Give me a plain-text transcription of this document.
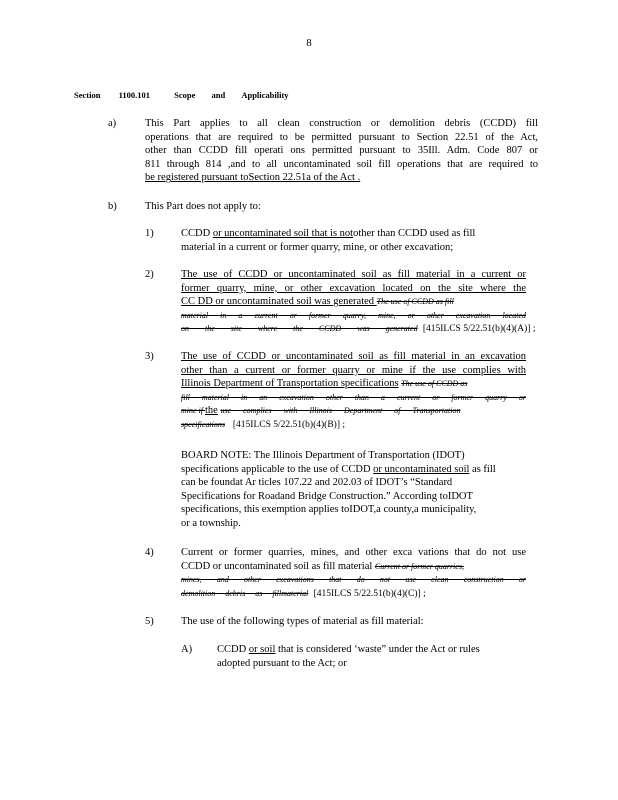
8
Section 1100.101	Scope and Applicability
a)	This Part applies to all clean construction or demolition debris (CCDD) fill
operations that are required to be permitted pursuant to Section 22.51 of the Act,
other than CCDD fill operati ons permitted pursuant to 35Ill. Adm. Code 807 or
811 through 814 ,and to all uncontaminated soil fill operations that are required to
be registered pursuant toSection 22.51a of the Act .
b)	This Part does not apply to:
1)	CCDD or uncontaminated soil that is notother than CCDD used as fill
material in a current or former quarry, mine, or other excavation;
2)	The use of CCDD or uncontaminated soil as fill material in a current or
former quarry, mine, or other excavation located on the site where the
CC DD or uncontaminated soil was generated The use of CCDD as fill
material in a current or former quarry, mine, or other excavation located
on the site where the CCDD was generated [415ILCS 5/22.51(b)(4)(A)] ;
3)	The use of CCDD or uncontaminated soil as fill material in an excavation
other than a current or former quarry or mine if the use complies with
Illinois Department of Transportation specifications The use of CCDD as
fill material in an excavation other than a current or former quarry or
mine if the use complies with Illinois Department of Transportation
specifications [415ILCS 5/22.51(b)(4)(B)] ;
BOARD NOTE: The Illinois Department of Transportation (IDOT)
specifications applicable to the use of CCDD or uncontaminated soil as fill
can be foundat Ar ticles 107.22 and 202.03 of IDOT’s “Standard
Specifications for Roadand Bridge Construction.” According toIDOT
specifications, this exemption applies toIDOT,a county,a municipality,
or a township.
4)	Current or former quarries, mines, and other exca vations that do not use
CCDD or uncontaminated soil as fill material Current or former quarries,
mines, and other excavations that do not use clean construction or
demolition debris as fillmaterial [415ILCS 5/22.51(b)(4)(C)] ;
5)	The use of the following types of material as fill material:
A) CCDD or soil that is considered ‘waste” under the Act or rules
adopted pursuant to the Act; or
